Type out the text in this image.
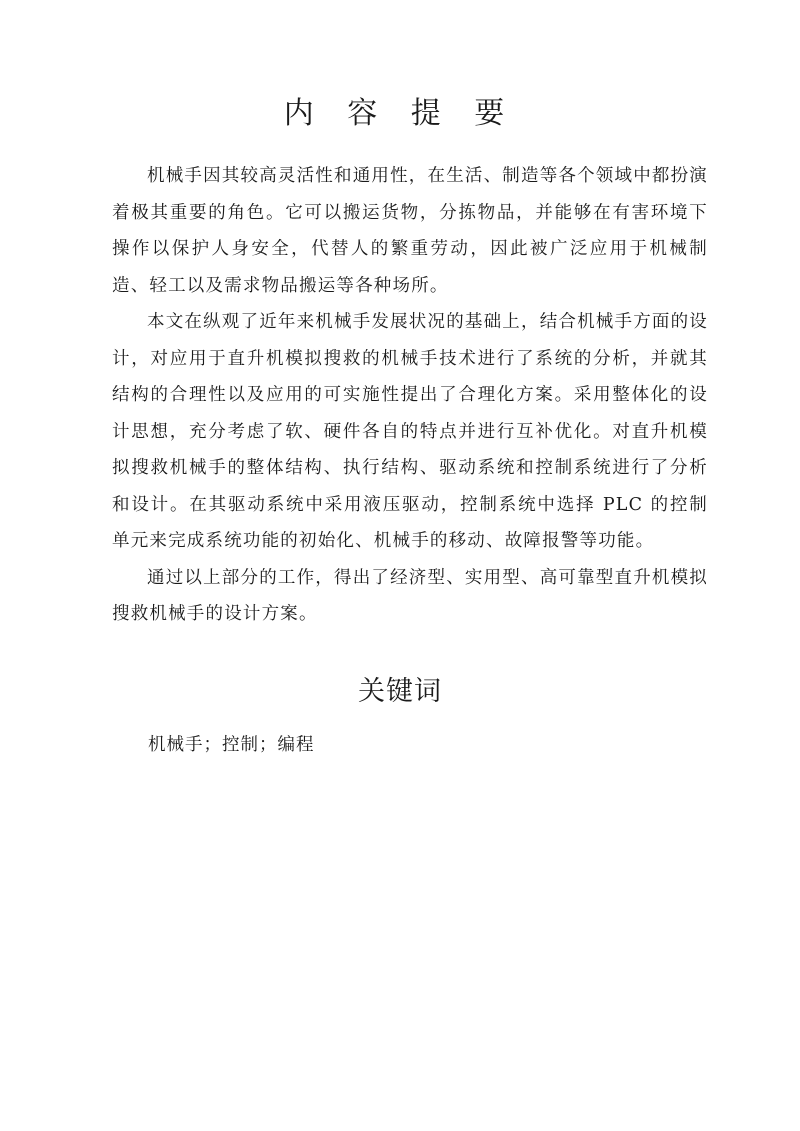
内 容 提 要

机械手因其较高灵活性和通用性，在生活、制造等各个领域中都扮演着极其重要的角色。它可以搬运货物，分拣物品，并能够在有害环境下操作以保护人身安全，代替人的繁重劳动，因此被广泛应用于机械制造、轻工以及需求物品搬运等各种场所。

本文在纵观了近年来机械手发展状况的基础上，结合机械手方面的设计，对应用于直升机模拟搜救的机械手技术进行了系统的分析，并就其结构的合理性以及应用的可实施性提出了合理化方案。采用整体化的设计思想，充分考虑了软、硬件各自的特点并进行互补优化。对直升机模拟搜救机械手的整体结构、执行结构、驱动系统和控制系统进行了分析和设计。在其驱动系统中采用液压驱动，控制系统中选择 PLC 的控制单元来完成系统功能的初始化、机械手的移动、故障报警等功能。

通过以上部分的工作，得出了经济型、实用型、高可靠型直升机模拟搜救机械手的设计方案。

关键词
机械手；控制；编程
